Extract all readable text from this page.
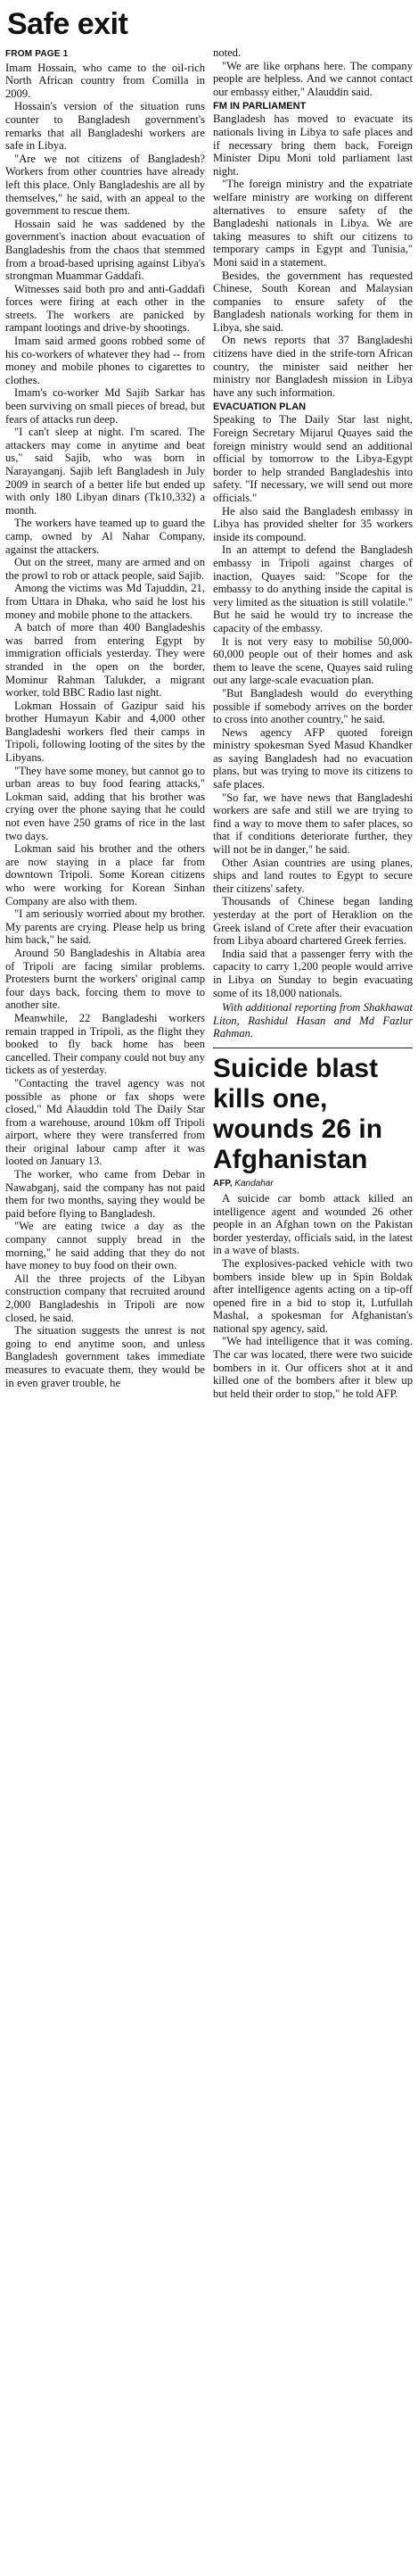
Safe exit

FROM PAGE 1
Imam Hossain, who came to the oil-rich North African country from Comilla in 2009.

Hossain's version of the situation runs counter to Bangladesh government's remarks that all Bangladeshi workers are safe in Libya.

"Are we not citizens of Bangladesh? Workers from other countries have already left this place. Only Bangladeshis are all by themselves," he said, with an appeal to the government to rescue them.

Hossain said he was saddened by the government's inaction about evacuation of Bangladeshis from the chaos that stemmed from a broad-based uprising against Libya's strongman Muammar Gaddafi.

Witnesses said both pro and anti-Gaddafi forces were firing at each other in the streets. The workers are panicked by rampant lootings and drive-by shootings.

Imam said armed goons robbed some of his co-workers of whatever they had -- from money and mobile phones to cigarettes to clothes.

Imam's co-worker Md Sajib Sarkar has been surviving on small pieces of bread, but fears of attacks run deep.

"I can't sleep at night. I'm scared. The attackers may come in anytime and beat us," said Sajib, who was born in Narayanganj. Sajib left Bangladesh in July 2009 in search of a better life but ended up with only 180 Libyan dinars (Tk10,332) a month.

The workers have teamed up to guard the camp, owned by Al Nahar Company, against the attackers.

Out on the street, many are armed and on the prowl to rob or attack people, said Sajib.

Among the victims was Md Tajuddin, 21, from Uttara in Dhaka, who said he lost his money and mobile phone to the attackers.

A batch of more than 400 Bangladeshis was barred from entering Egypt by immigration officials yesterday. They were stranded in the open on the border, Mominur Rahman Talukder, a migrant worker, told BBC Radio last night.

Lokman Hossain of Gazipur said his brother Humayun Kabir and 4,000 other Bangladeshi workers fled their camps in Tripoli, following looting of the sites by the Libyans.

"They have some money, but cannot go to urban areas to buy food fearing attacks," Lokman said, adding that his brother was crying over the phone saying that he could not even have 250 grams of rice in the last two days.

Lokman said his brother and the others are now staying in a place far from downtown Tripoli. Some Korean citizens who were working for Korean Sinhan Company are also with them.

"I am seriously worried about my brother. My parents are crying. Please help us bring him back," he said.

Around 50 Bangladeshis in Altabia area of Tripoli are facing similar problems. Protesters burnt the workers' original camp four days back, forcing them to move to another site.

Meanwhile, 22 Bangladeshi workers remain trapped in Tripoli, as the flight they booked to fly back home has been cancelled. Their company could not buy any tickets as of yesterday.

"Contacting the travel agency was not possible as phone or fax shops were closed," Md Alauddin told The Daily Star from a warehouse, around 10km off Tripoli airport, where they were transferred from their original labour camp after it was looted on January 13.

The worker, who came from Debar in Nawabganj, said the company has not paid them for two months, saying they would be paid before flying to Bangladesh.

"We are eating twice a day as the company cannot supply bread in the morning," he said adding that they do not have money to buy food on their own.

All the three projects of the Libyan construction company that recruited around 2,000 Bangladeshis in Tripoli are now closed, he said.

The situation suggests the unrest is not going to end anytime soon, and unless Bangladesh government takes immediate measures to evacuate them, they would be in even graver trouble, he

noted.

"We are like orphans here. The company people are helpless. And we cannot contact our embassy either," Alauddin said.

FM IN PARLIAMENT

Bangladesh has moved to evacuate its nationals living in Libya to safe places and if necessary bring them back, Foreign Minister Dipu Moni told parliament last night.

"The foreign ministry and the expatriate welfare ministry are working on different alternatives to ensure safety of the Bangladeshi nationals in Libya. We are taking measures to shift our citizens to temporary camps in Egypt and Tunisia," Moni said in a statement.

Besides, the government has requested Chinese, South Korean and Malaysian companies to ensure safety of the Bangladesh nationals working for them in Libya, she said.

On news reports that 37 Bangladeshi citizens have died in the strife-torn African country, the minister said neither her ministry nor Bangladesh mission in Libya have any such information.

EVACUATION PLAN

Speaking to The Daily Star last night, Foreign Secretary Mijarul Quayes said the foreign ministry would send an additional official by tomorrow to the Libya-Egypt border to help stranded Bangladeshis into safety. "If necessary, we will send out more officials."

He also said the Bangladesh embassy in Libya has provided shelter for 35 workers inside its compound.

In an attempt to defend the Bangladesh embassy in Tripoli against charges of inaction, Quayes said: "Scope for the embassy to do anything inside the capital is very limited as the situation is still volatile." But he said he would try to increase the capacity of the embassy.

It is not very easy to mobilise 50,000-60,000 people out of their homes and ask them to leave the scene, Quayes said ruling out any large-scale evacuation plan.

"But Bangladesh would do everything possible if somebody arrives on the border to cross into another country," he said.

News agency AFP quoted foreign ministry spokesman Syed Masud Khandker as saying Bangladesh had no evacuation plans, but was trying to move its citizens to safe places.

"So far, we have news that Bangladeshi workers are safe and still we are trying to find a way to move them to safer places, so that if conditions deteriorate further, they will not be in danger," he said.

Other Asian countries are using planes, ships and land routes to Egypt to secure their citizens' safety.

Thousands of Chinese began landing yesterday at the port of Heraklion on the Greek island of Crete after their evacuation from Libya aboard chartered Greek ferries.

India said that a passenger ferry with the capacity to carry 1,200 people would arrive in Libya on Sunday to begin evacuating some of its 18,000 nationals.

With additional reporting from Shakhawat Liton, Rashidul Hasan and Md Fazlur Rahman.

Suicide blast kills one, wounds 26 in Afghanistan
AFP, Kandahar

A suicide car bomb attack killed an intelligence agent and wounded 26 other people in an Afghan town on the Pakistan border yesterday, officials said, in the latest in a wave of blasts.

The explosives-packed vehicle with two bombers inside blew up in Spin Boldak after intelligence agents acting on a tip-off opened fire in a bid to stop it, Lutfullah Mashal, a spokesman for Afghanistan's national spy agency, said.

"We had intelligence that it was coming. The car was located, there were two suicide bombers in it. Our officers shot at it and killed one of the bombers after it blew up but held their order to stop," he told AFP.
